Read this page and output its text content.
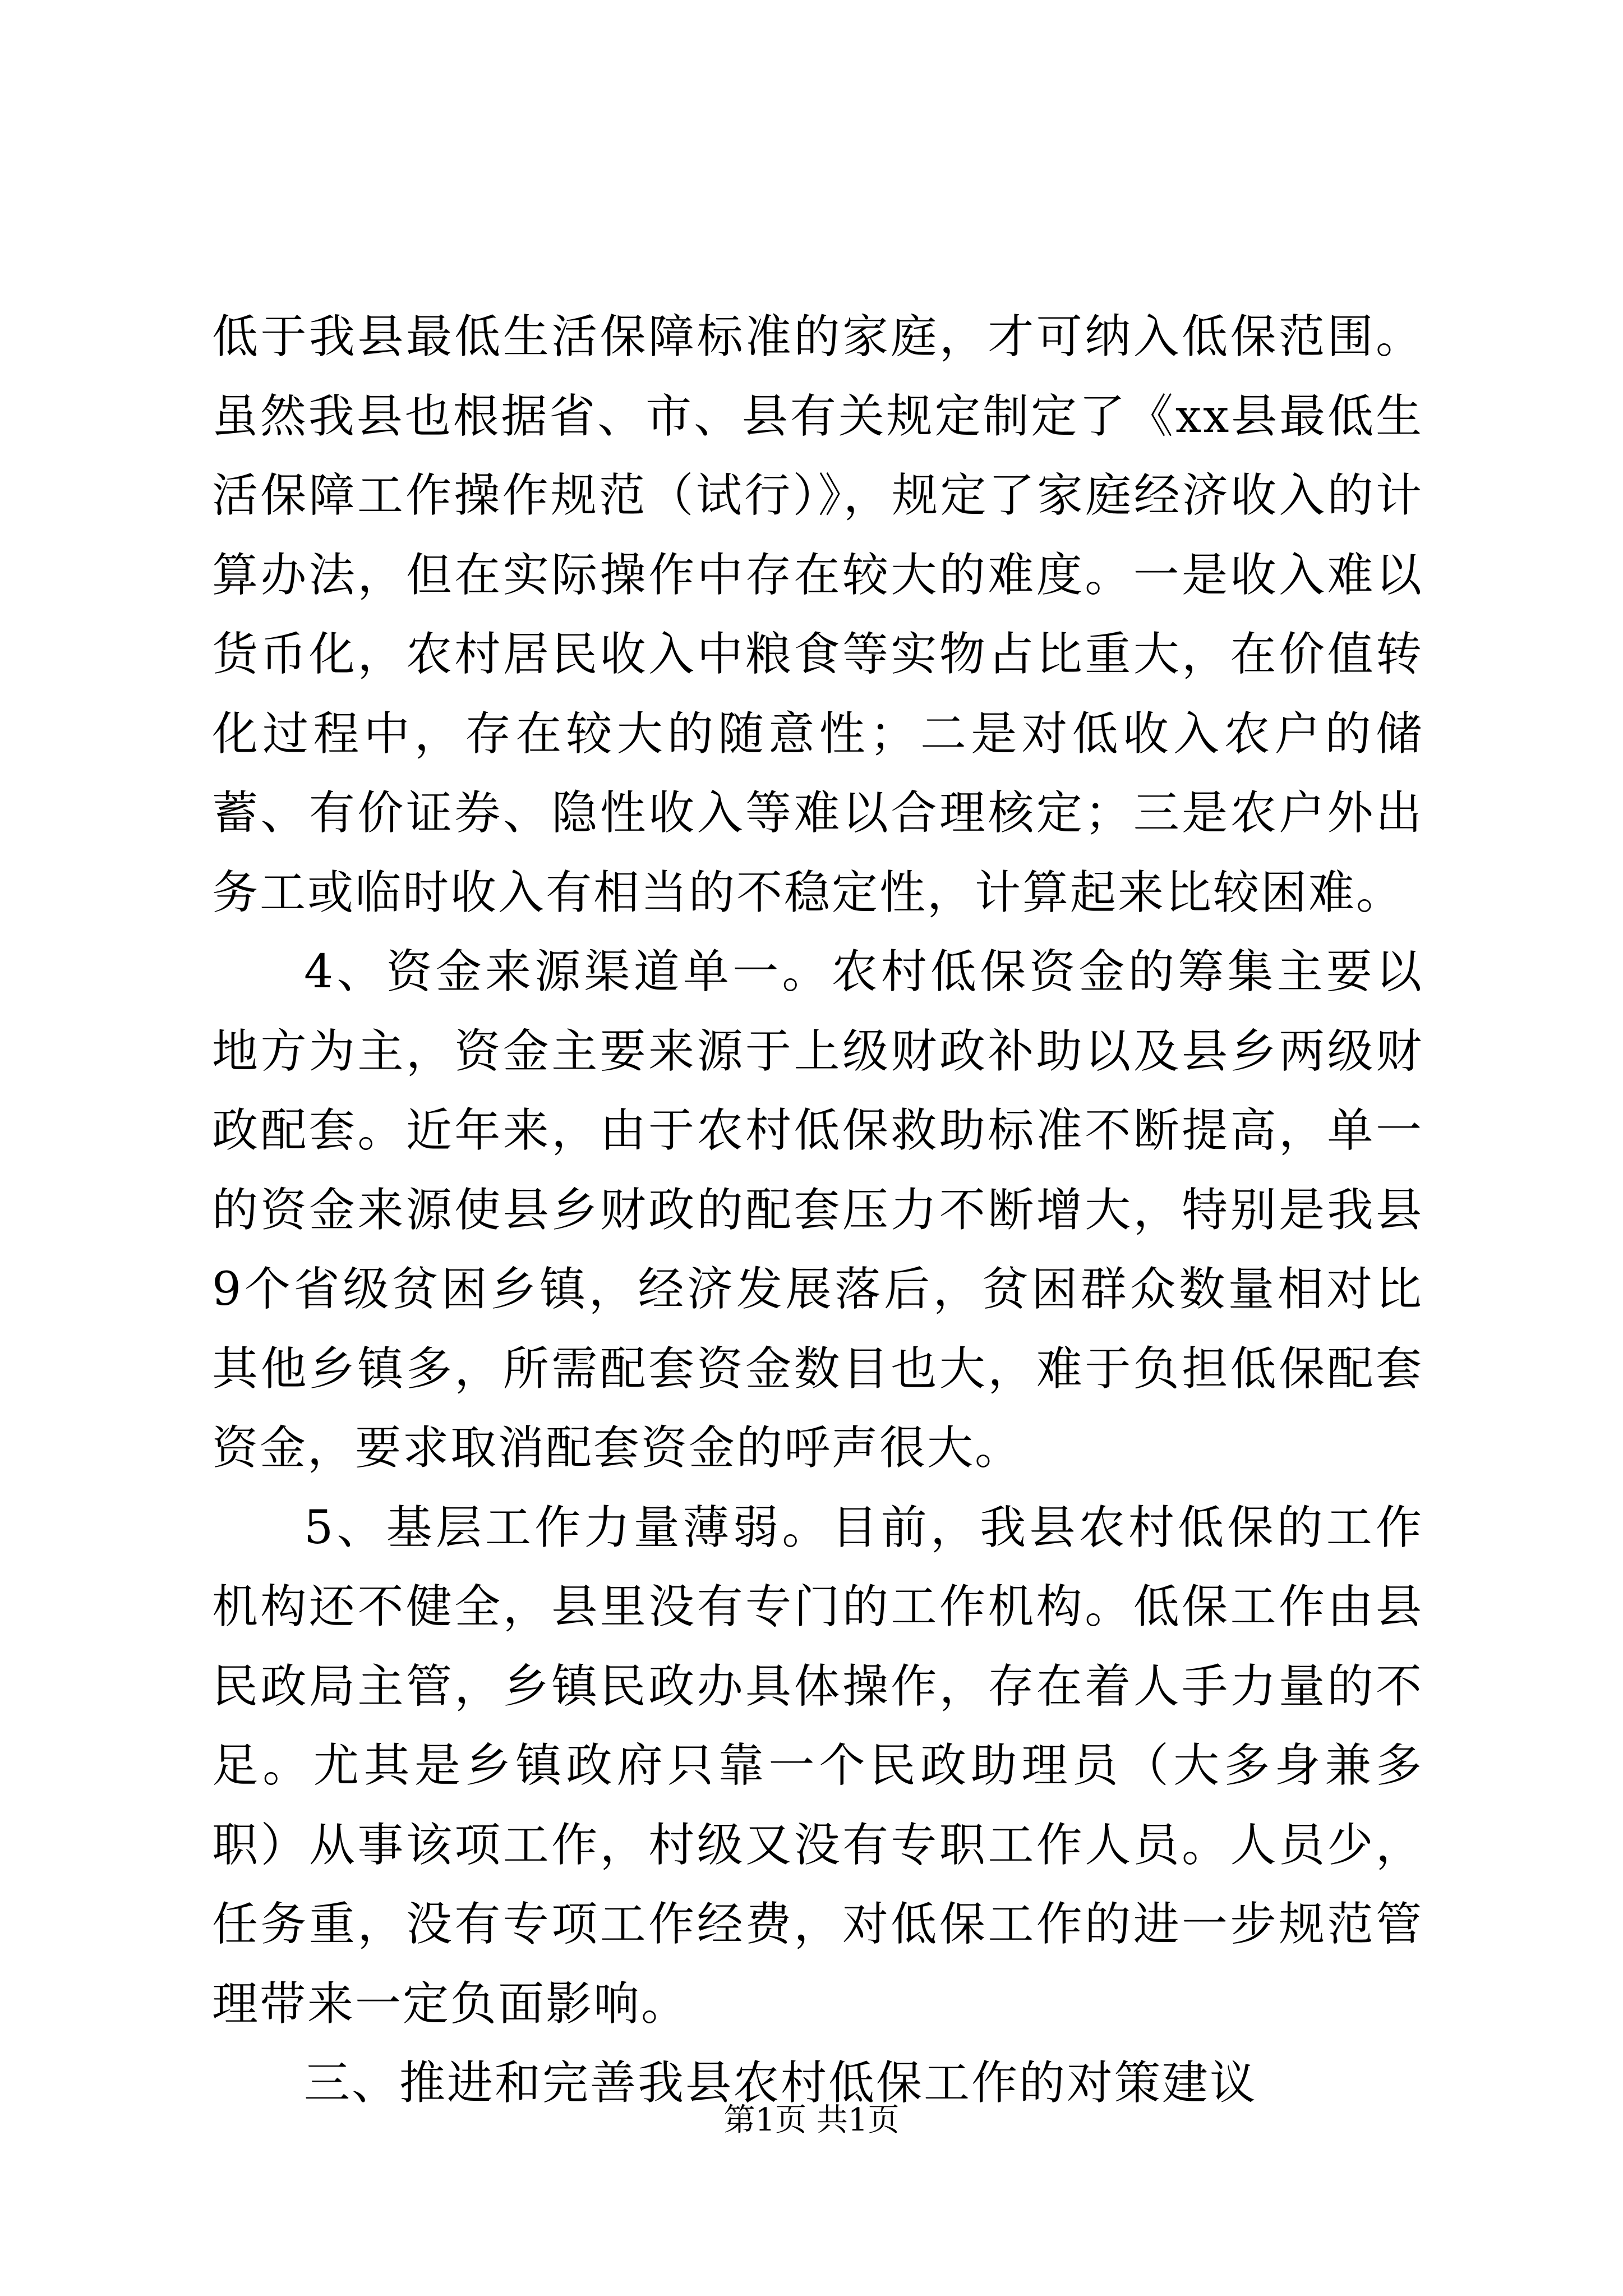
低于我县最低生活保障标准的家庭，才可纳入低保范围。虽然我县也根据省、市、县有关规定制定了《xx县最低生活保障工作操作规范（试行）》，规定了家庭经济收入的计算办法，但在实际操作中存在较大的难度。一是收入难以货币化，农村居民收入中粮食等实物占比重大，在价值转化过程中，存在较大的随意性；二是对低收入农户的储蓄、有价证券、隐性收入等难以合理核定；三是农户外出务工或临时收入有相当的不稳定性，计算起来比较困难。

4、资金来源渠道单一。农村低保资金的筹集主要以地方为主，资金主要来源于上级财政补助以及县乡两级财政配套。近年来，由于农村低保救助标准不断提高，单一的资金来源使县乡财政的配套压力不断增大，特别是我县9个省级贫困乡镇，经济发展落后，贫困群众数量相对比其他乡镇多，所需配套资金数目也大，难于负担低保配套资金，要求取消配套资金的呼声很大。

5、基层工作力量薄弱。目前，我县农村低保的工作机构还不健全，县里没有专门的工作机构。低保工作由县民政局主管，乡镇民政办具体操作，存在着人手力量的不足。尤其是乡镇政府只靠一个民政助理员（大多身兼多职）从事该项工作，村级又没有专职工作人员。人员少，任务重，没有专项工作经费，对低保工作的进一步规范管理带来一定负面影响。

三、推进和完善我县农村低保工作的对策建议

第1页 共1页
